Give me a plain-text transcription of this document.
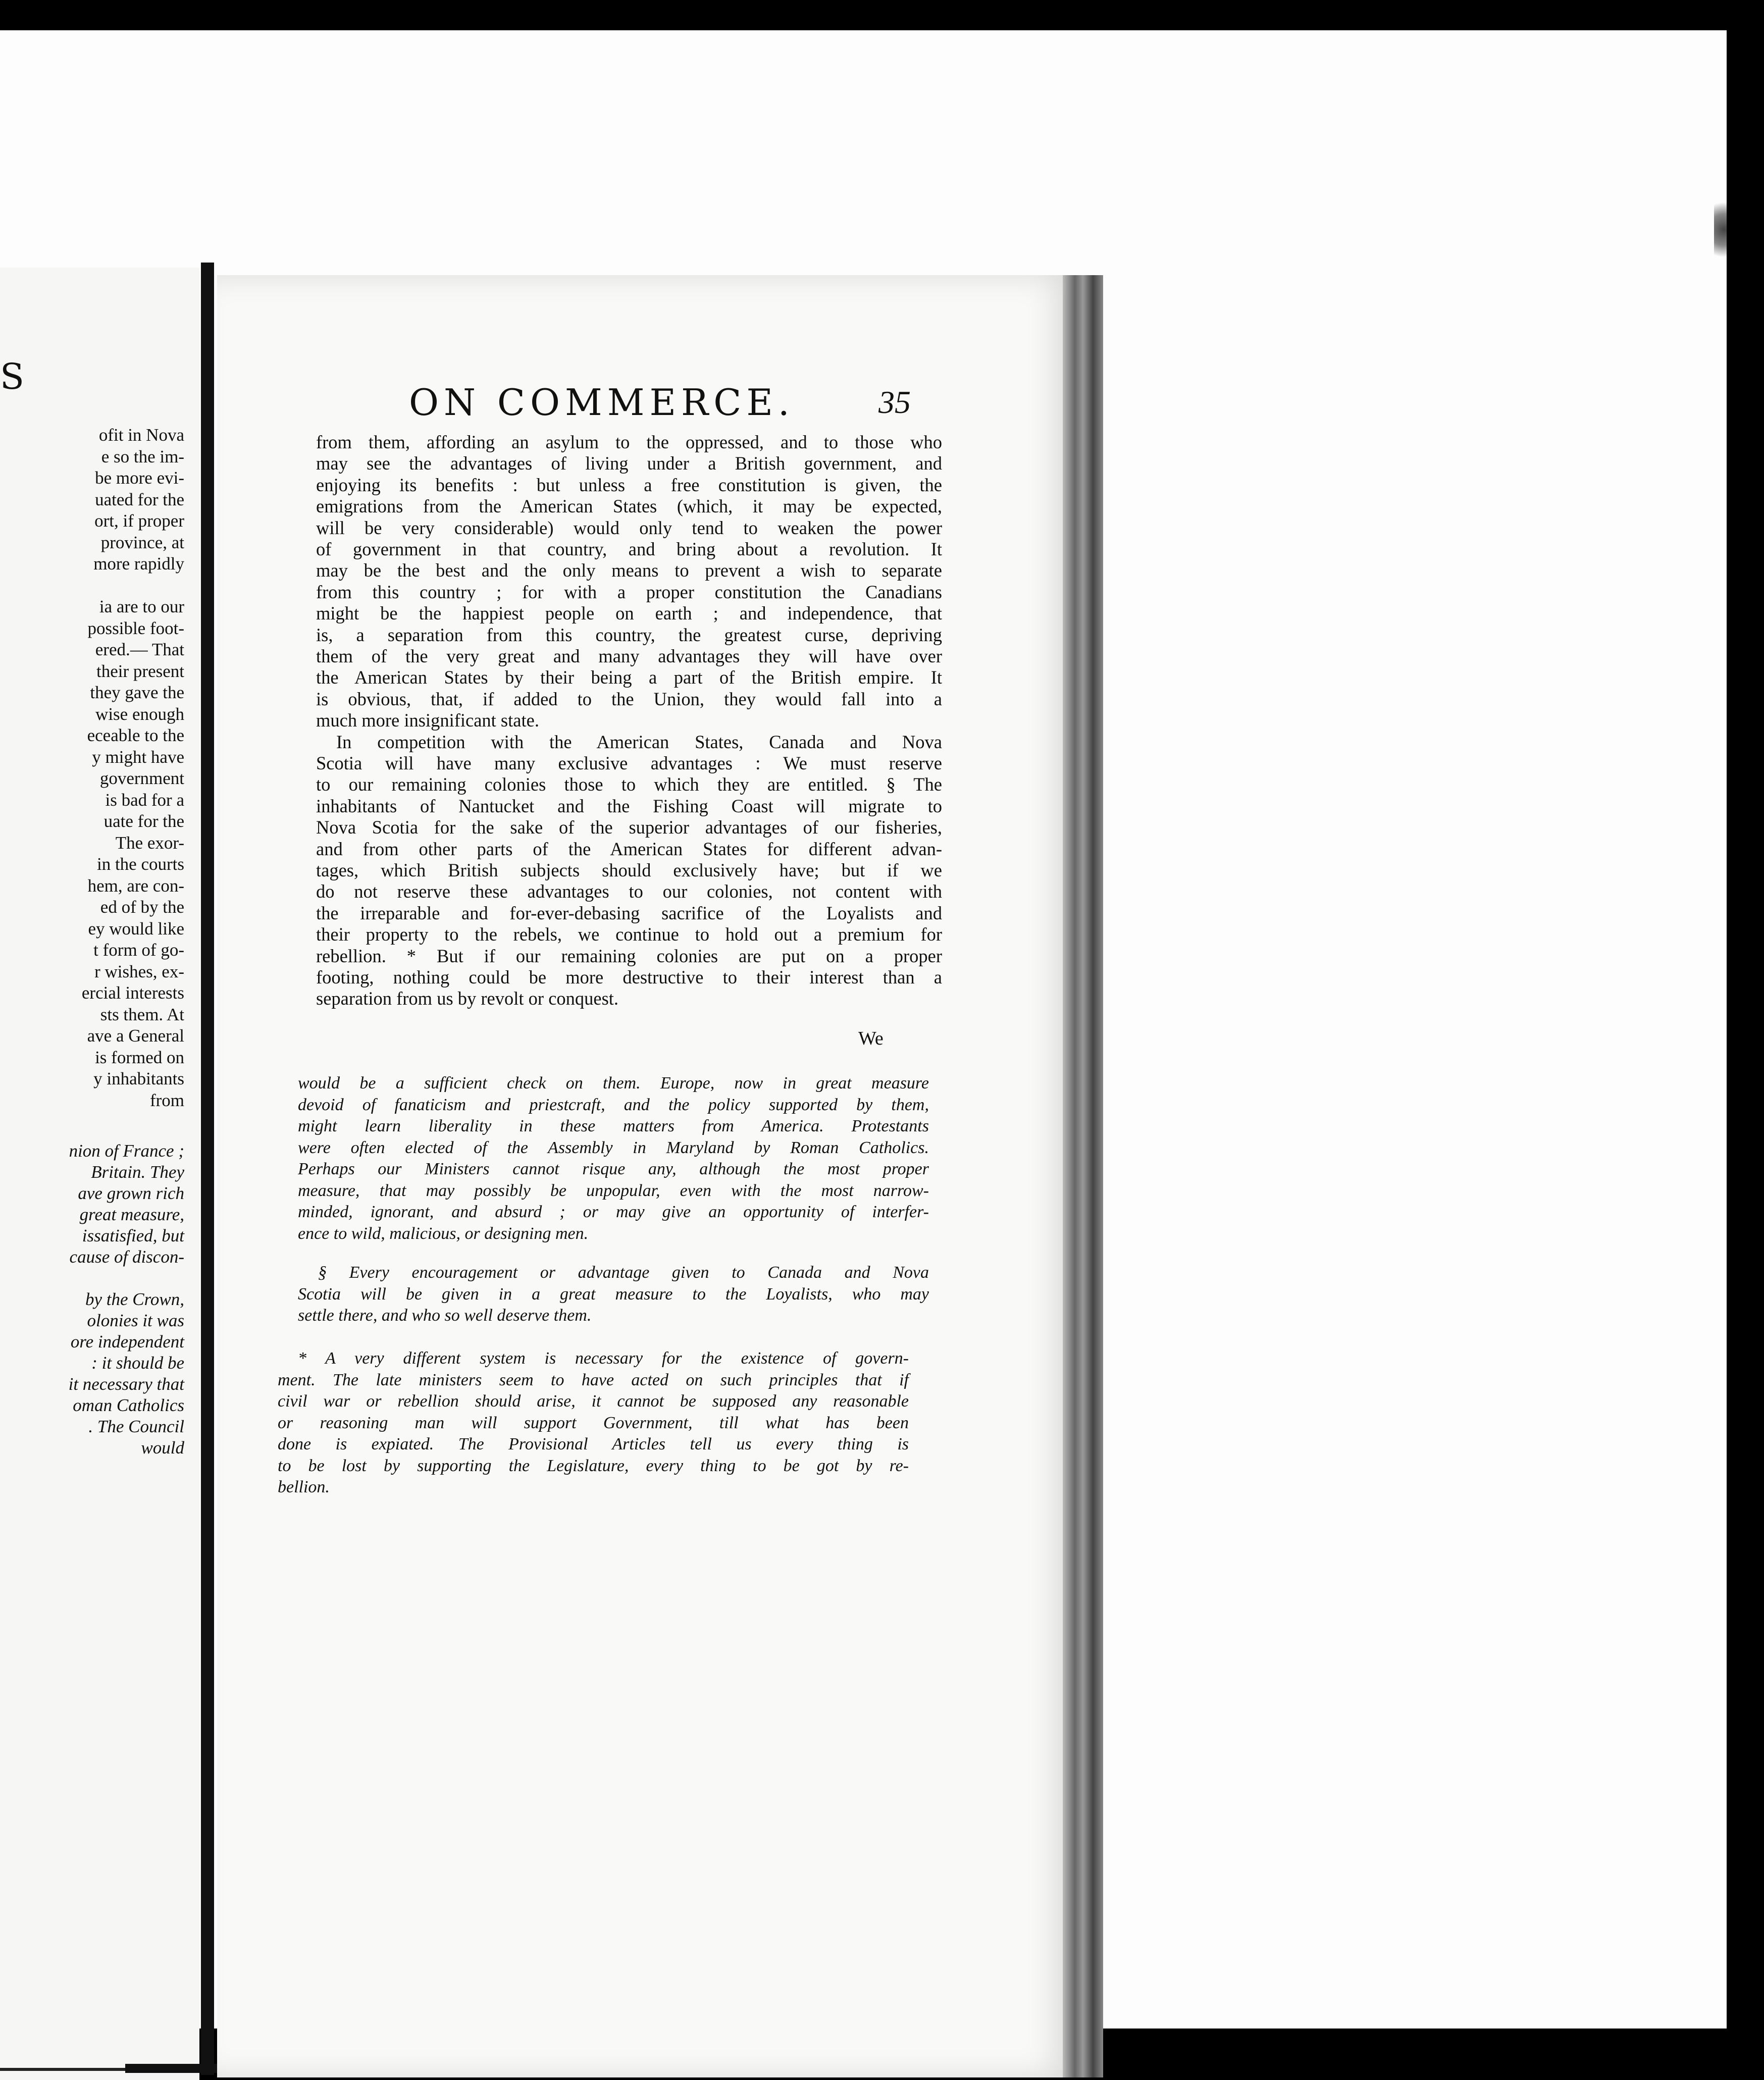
S
ofit in Nova
e so the im-
be more evi-
uated for the
ort, if proper
province, at
more rapidly
ia are to our
possible foot-
ered.— That
their present
they gave the
wise enough
eceable to the
y might have
government
is bad for a
uate for the
The exor-
in the courts
hem, are con-
ed of by the
ey would like
t form of go-
r wishes, ex-
ercial interests
sts them. At
ave a General
is formed on
y inhabitants
from
nion of France ;
Britain. They
ave grown rich
great measure,
issatisfied, but
cause of discon-
by the Crown,
olonies it was
ore independent
: it should be
it necessary that
oman Catholics
. The Council
would
ON COMMERCE.	35
from them, affording an asylum to the oppressed, and to those who
may see the advantages of living under a British government, and
enjoying its benefits : but unless a free constitution is given, the
emigrations from the American States (which, it may be expected,
will be very considerable) would only tend to weaken the power
of government in that country, and bring about a revolution. It
may be the best and the only means to prevent a wish to separate
from this country ; for with a proper constitution the Canadians
might be the happiest people on earth ; and independence, that
is, a separation from this country, the greatest curse, depriving
them of the very great and many advantages they will have over
the American States by their being a part of the British empire. It
is obvious, that, if added to the Union, they would fall into a
much more insignificant state.
In competition with the American States, Canada and Nova
Scotia will have many exclusive advantages : We must reserve
to our remaining colonies those to which they are entitled. § The
inhabitants of Nantucket and the Fishing Coast will migrate to
Nova Scotia for the sake of the superior advantages of our fisheries,
and from other parts of the American States for different advan-
tages, which British subjects should exclusively have; but if we
do not reserve these advantages to our colonies, not content with
the irreparable and for-ever-debasing sacrifice of the Loyalists and
their property to the rebels, we continue to hold out a premium for
rebellion. * But if our remaining colonies are put on a proper
footing, nothing could be more destructive to their interest than a
separation from us by revolt or conquest.
We
would be a sufficient check on them. Europe, now in great measure
devoid of fanaticism and priestcraft, and the policy supported by them,
might learn liberality in these matters from America. Protestants
were often elected of the Assembly in Maryland by Roman Catholics.
Perhaps our Ministers cannot risque any, although the most proper
measure, that may possibly be unpopular, even with the most narrow-
minded, ignorant, and absurd ; or may give an opportunity of interfer-
ence to wild, malicious, or designing men.
§ Every encouragement or advantage given to Canada and Nova
Scotia will be given in a great measure to the Loyalists, who may
settle there, and who so well deserve them.
* A very different system is necessary for the existence of govern-
ment. The late ministers seem to have acted on such principles that if
civil war or rebellion should arise, it cannot be supposed any reasonable
or reasoning man will support Government, till what has been
done is expiated. The Provisional Articles tell us every thing is
to be lost by supporting the Legislature, every thing to be got by re-
bellion.
